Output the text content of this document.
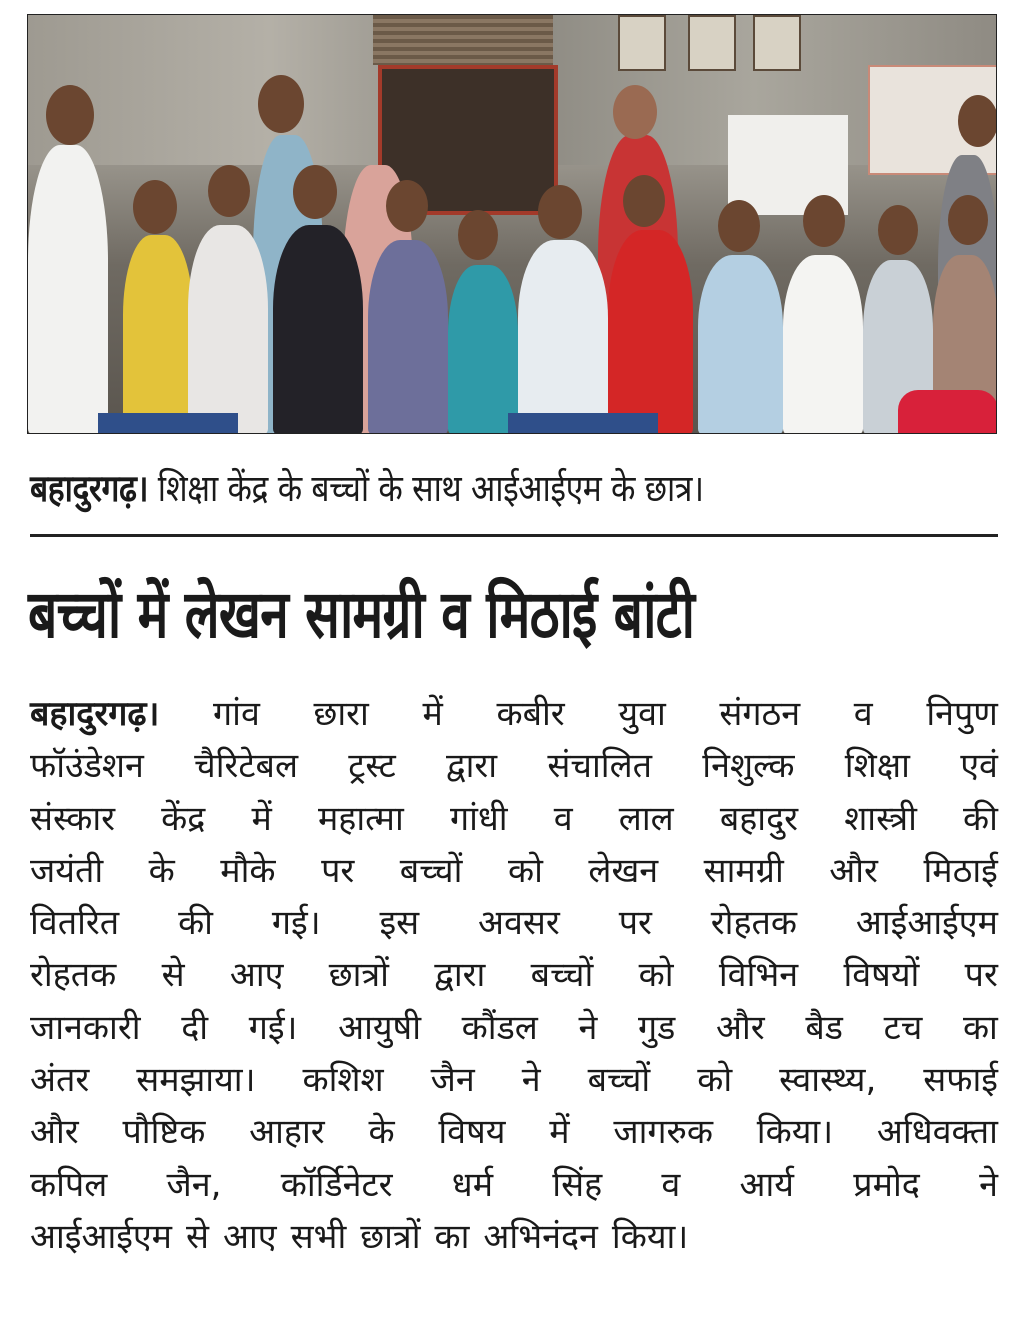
बहादुरगढ़। शिक्षा केंद्र के बच्चों के साथ आईआईएम के छात्र।
बच्चों में लेखन सामग्री व मिठाई बांटी
बहादुरगढ़। गांव छारा में कबीर युवा संगठन व निपुण
फॉउंडेशन चैरिटेबल ट्रस्ट द्वारा संचालित निशुल्क शिक्षा एवं
संस्कार केंद्र में महात्मा गांधी व लाल बहादुर शास्त्री की
जयंती के मौके पर बच्चों को लेखन सामग्री और मिठाई
वितरित की गई। इस अवसर पर रोहतक आईआईएम
रोहतक से आए छात्रों द्वारा बच्चों को विभिन विषयों पर
जानकारी दी गई। आयुषी कौंडल ने गुड और बैड टच का
अंतर समझाया। कशिश जैन ने बच्चों को स्वास्थ्य, सफाई
और पौष्टिक आहार के विषय में जागरुक किया। अधिवक्ता
कपिल जैन, कॉर्डिनेटर धर्म सिंह व आर्य प्रमोद ने
आईआईएम से आए सभी छात्रों का अभिनंदन किया।
